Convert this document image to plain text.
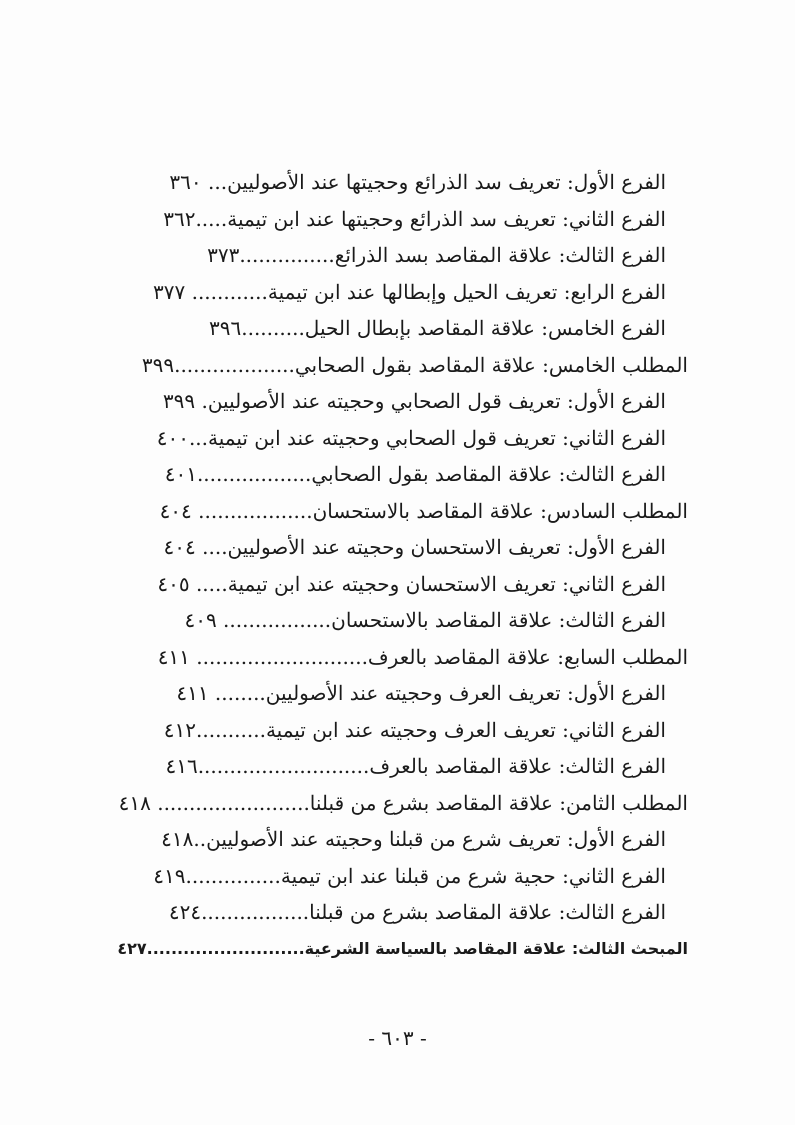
الفرع الأول: تعريف سد الذرائع وحجيتها عند الأصوليين... ٣٦٠
الفرع الثاني: تعريف سد الذرائع وحجيتها عند ابن تيمية.....٣٦٢
الفرع الثالث: علاقة المقاصد بسد الذرائع...............٣٧٣
الفرع الرابع: تعريف الحيل وإبطالها عند ابن تيمية............ ٣٧٧
الفرع الخامس: علاقة المقاصد بإبطال الحيل..........٣٩٦
المطلب الخامس: علاقة المقاصد بقول الصحابي...................٣٩٩
الفرع الأول: تعريف قول الصحابي وحجيته عند الأصوليين. ٣٩٩
الفرع الثاني: تعريف قول الصحابي وحجيته عند ابن تيمية...٤٠٠
الفرع الثالث: علاقة المقاصد بقول الصحابي..................٤٠١
المطلب السادس: علاقة المقاصد بالاستحسان.................. ٤٠٤
الفرع الأول: تعريف الاستحسان وحجيته عند الأصوليين.... ٤٠٤
الفرع الثاني: تعريف الاستحسان وحجيته عند ابن تيمية..... ٤٠٥
الفرع الثالث: علاقة المقاصد بالاستحسان................. ٤٠٩
المطلب السابع: علاقة المقاصد بالعرف........................... ٤١١
الفرع الأول: تعريف العرف وحجيته عند الأصوليين........ ٤١١
الفرع الثاني: تعريف العرف وحجيته عند ابن تيمية...........٤١٢
الفرع الثالث: علاقة المقاصد بالعرف...........................٤١٦
المطلب الثامن: علاقة المقاصد بشرع من قبلنا........................ ٤١٨
الفرع الأول: تعريف شرع من قبلنا وحجيته عند الأصوليين..٤١٨
الفرع الثاني: حجية شرع من قبلنا عند ابن تيمية...............٤١٩
الفرع الثالث: علاقة المقاصد بشرع من قبلنا.................٤٢٤
المبحث الثالث: علاقة المقاصد بالسياسة الشرعية..........................٤٢٧
- ٦٠٣ -
